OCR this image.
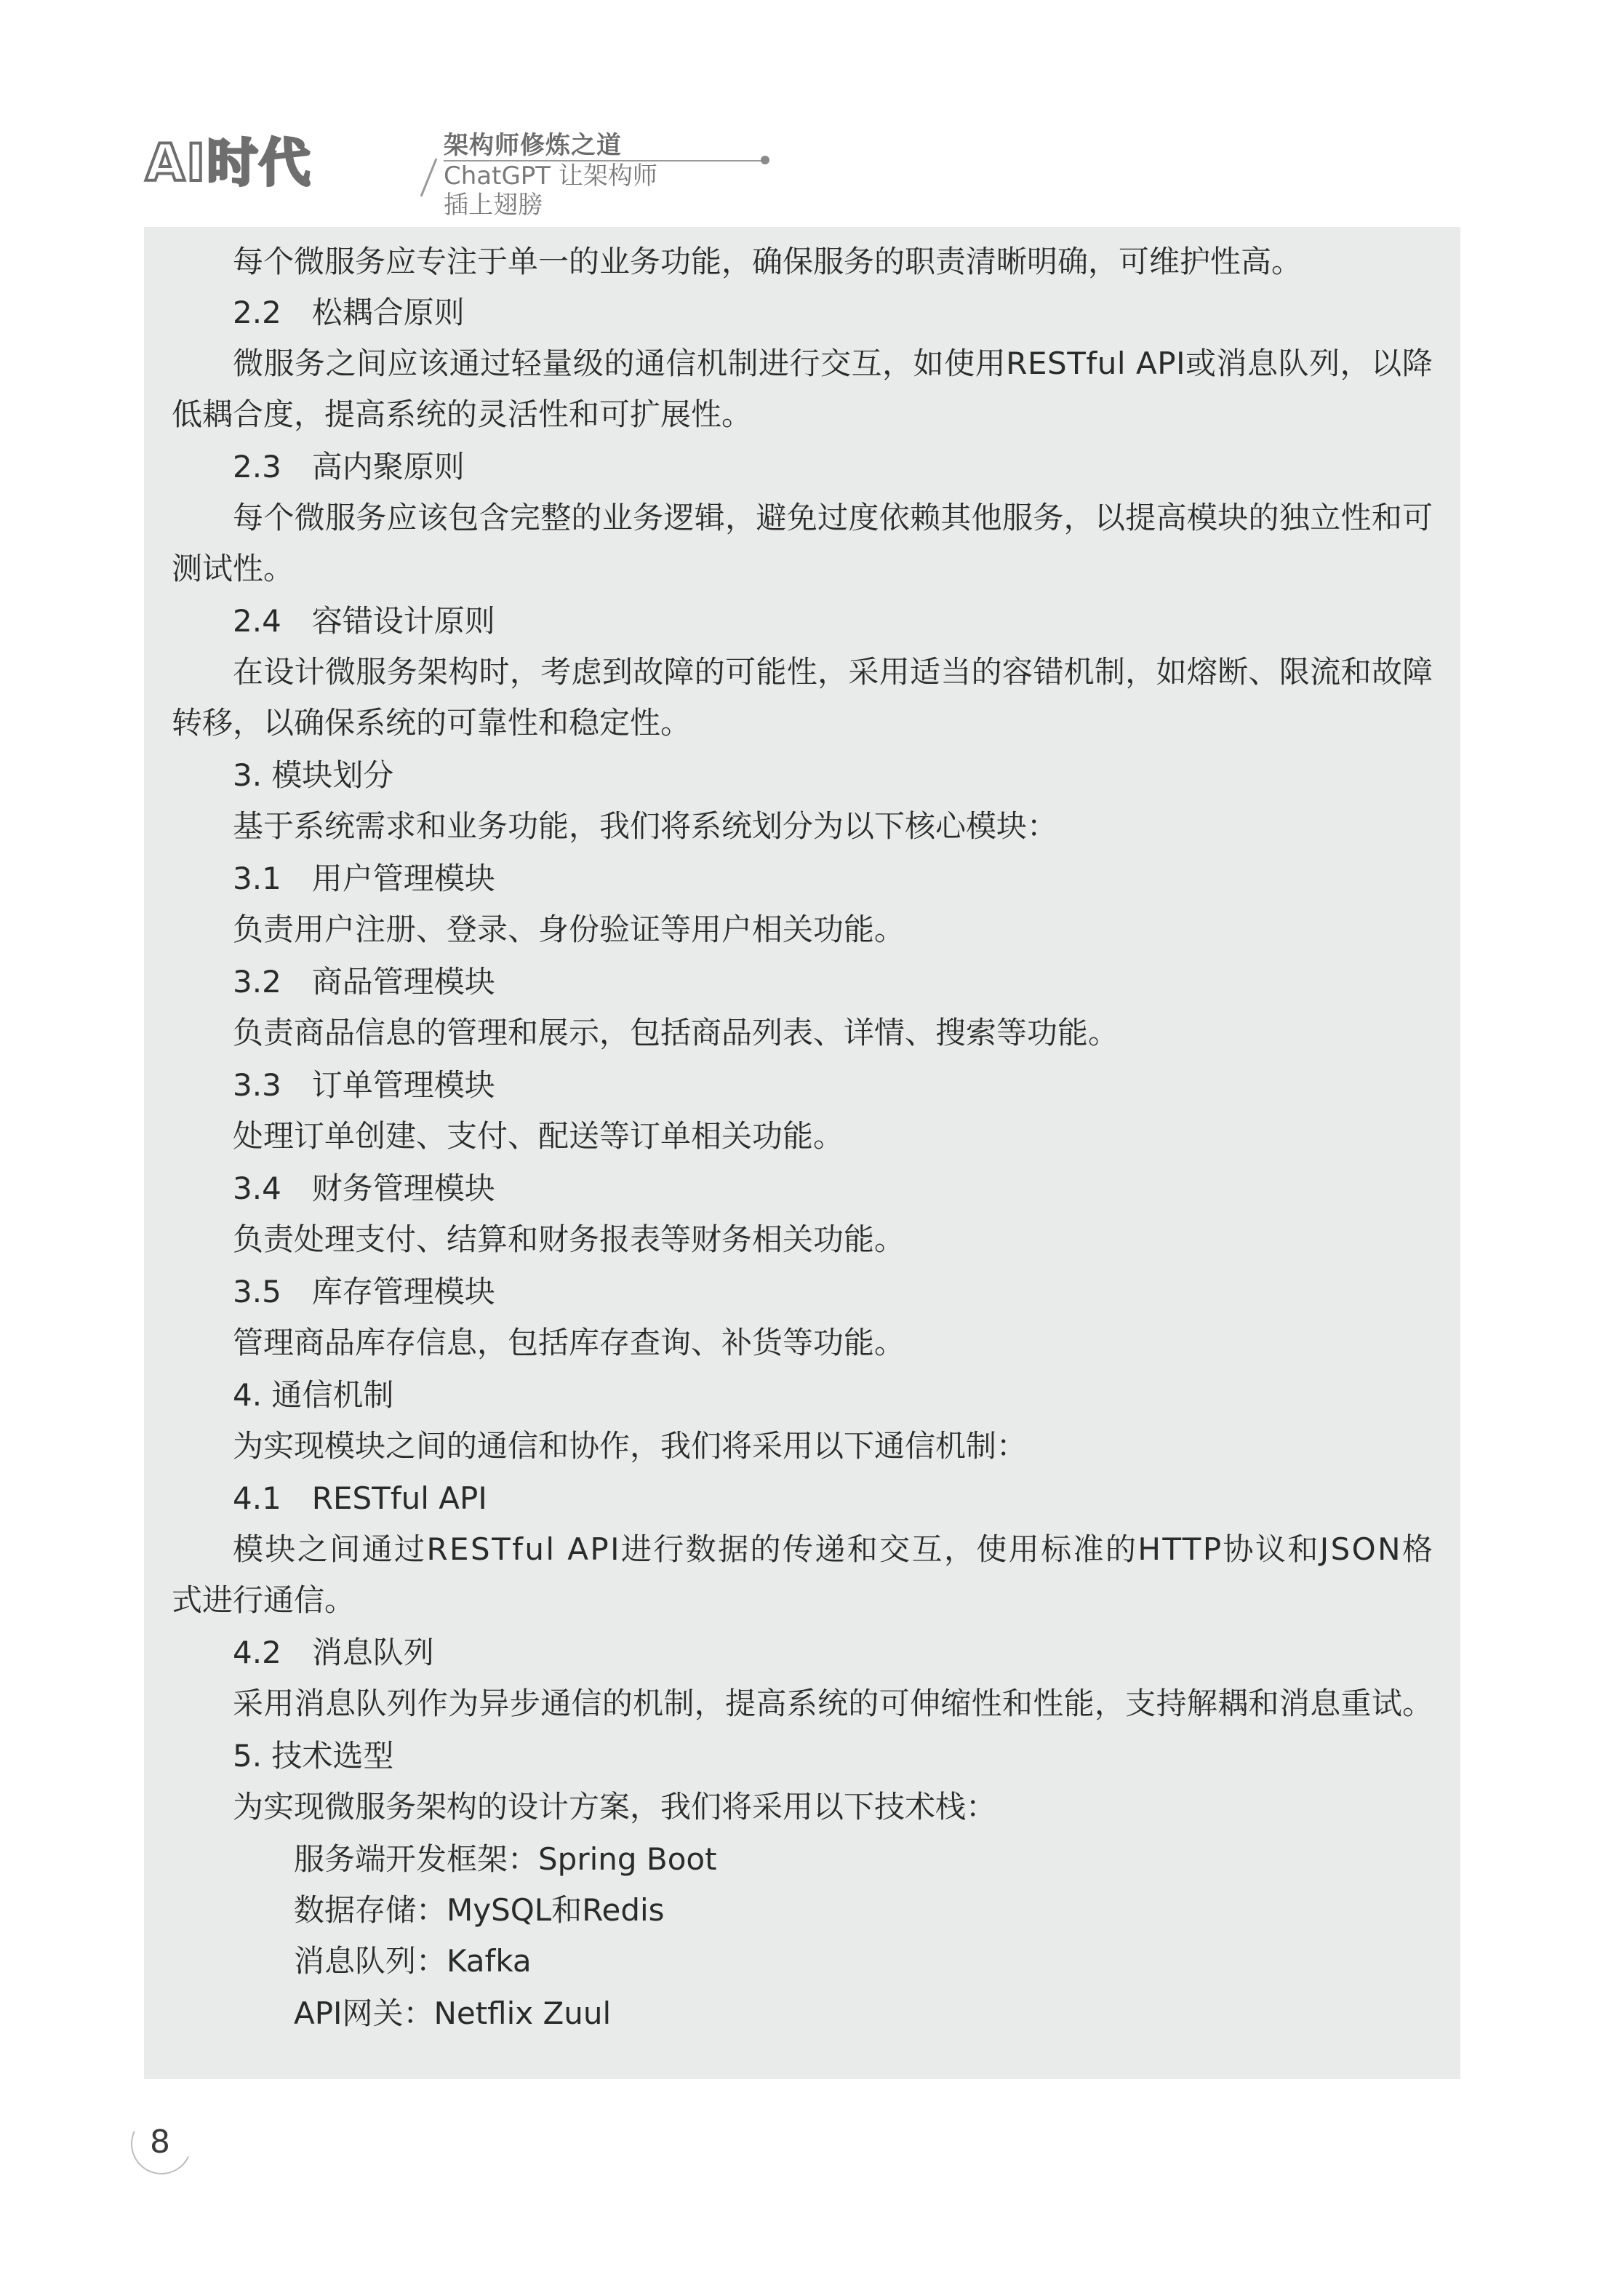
AI时代	架构师修炼之道
ChatGPT 让架构师插上翅膀
每个微服务应专注于单一的业务功能，确保服务的职责清晰明确，可维护性高。
2.2　松耦合原则
微服务之间应该通过轻量级的通信机制进行交互，如使用RESTful API或消息队列，以降
低耦合度，提高系统的灵活性和可扩展性。
2.3　高内聚原则
每个微服务应该包含完整的业务逻辑，避免过度依赖其他服务，以提高模块的独立性和可
测试性。
2.4　容错设计原则
在设计微服务架构时，考虑到故障的可能性，采用适当的容错机制，如熔断、限流和故障
转移，以确保系统的可靠性和稳定性。
3. 模块划分
基于系统需求和业务功能，我们将系统划分为以下核心模块：
3.1　用户管理模块
负责用户注册、登录、身份验证等用户相关功能。
3.2　商品管理模块
负责商品信息的管理和展示，包括商品列表、详情、搜索等功能。
3.3　订单管理模块
处理订单创建、支付、配送等订单相关功能。
3.4　财务管理模块
负责处理支付、结算和财务报表等财务相关功能。
3.5　库存管理模块
管理商品库存信息，包括库存查询、补货等功能。
4. 通信机制
为实现模块之间的通信和协作，我们将采用以下通信机制：
4.1　RESTful API
模块之间通过RESTful API进行数据的传递和交互，使用标准的HTTP协议和JSON格
式进行通信。
4.2　消息队列
采用消息队列作为异步通信的机制，提高系统的可伸缩性和性能，支持解耦和消息重试。
5. 技术选型
为实现微服务架构的设计方案，我们将采用以下技术栈：
服务端开发框架：Spring Boot
数据存储：MySQL和Redis
消息队列：Kafka
API网关：Netflix Zuul
8
